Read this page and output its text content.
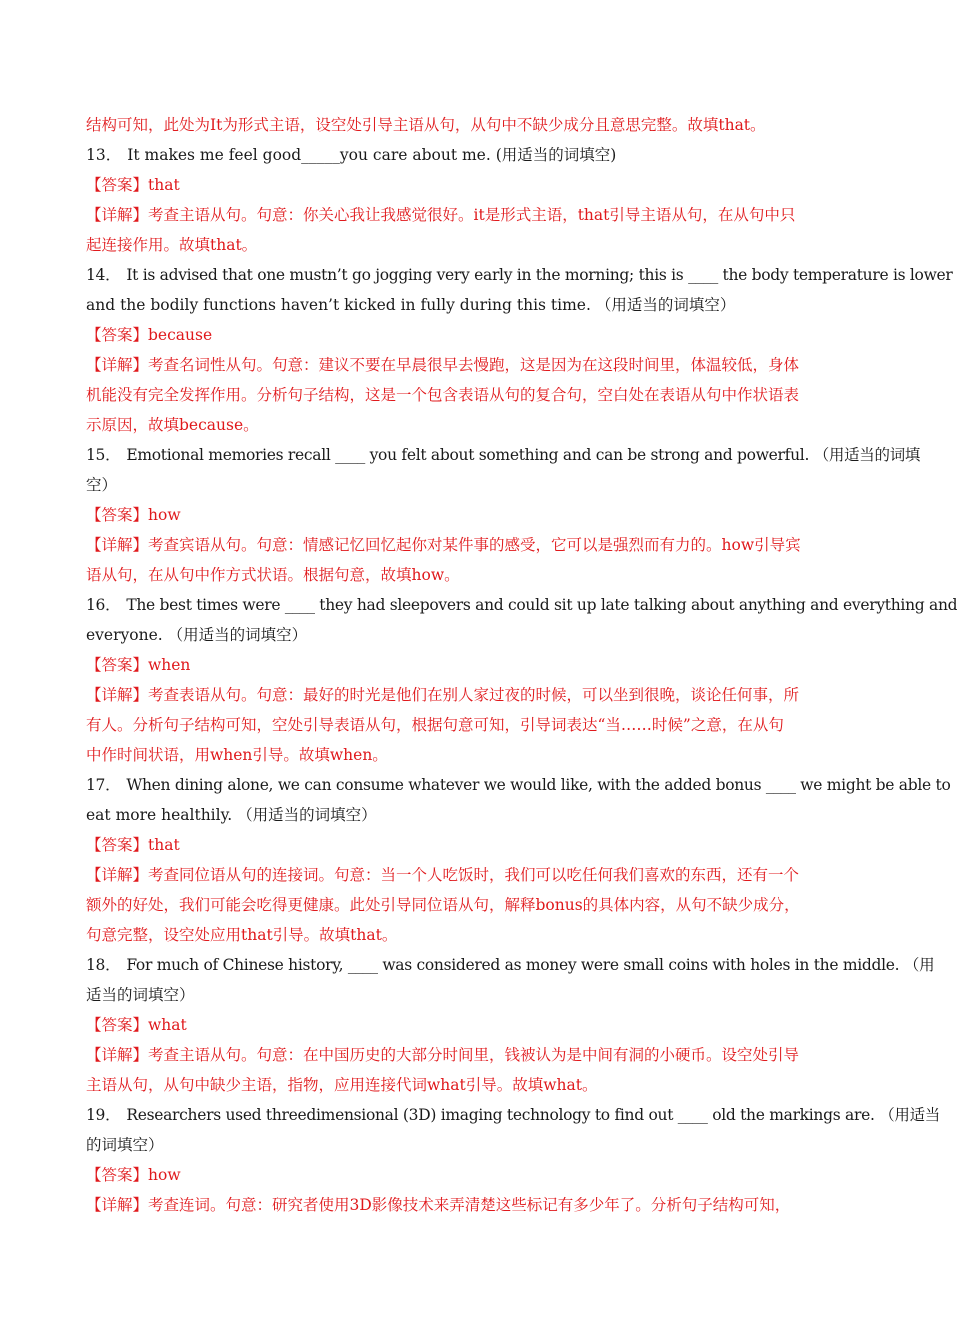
结构可知，此处为It为形式主语，设空处引导主语从句，从句中不缺少成分且意思完整。故填that。
13． It makes me feel good_____you care about me. (用适当的词填空)
【答案】that
【详解】考查主语从句。句意：你关心我让我感觉很好。it是形式主语，that引导主语从句，在从句中只
起连接作用。故填that。
14． It is advised that one mustn’t go jogging very early in the morning; this is ____ the body temperature is lower
and the bodily functions haven’t kicked in fully during this time. （用适当的词填空）
【答案】because
【详解】考查名词性从句。句意：建议不要在早晨很早去慢跑，这是因为在这段时间里，体温较低，身体
机能没有完全发挥作用。分析句子结构，这是一个包含表语从句的复合句，空白处在表语从句中作状语表
示原因，故填because。
15． Emotional memories recall ____ you felt about something and can be strong and powerful. （用适当的词填
空）
【答案】how
【详解】考查宾语从句。句意：情感记忆回忆起你对某件事的感受，它可以是强烈而有力的。how引导宾
语从句，在从句中作方式状语。根据句意，故填how。
16． The best times were ____ they had sleepovers and could sit up late talking about anything and everything and
everyone. （用适当的词填空）
【答案】when
【详解】考查表语从句。句意：最好的时光是他们在别人家过夜的时候，可以坐到很晚，谈论任何事，所
有人。分析句子结构可知，空处引导表语从句，根据句意可知，引导词表达“当……时候”之意，在从句
中作时间状语，用when引导。故填when。
17． When dining alone, we can consume whatever we would like, with the added bonus ____ we might be able to
eat more healthily. （用适当的词填空）
【答案】that
【详解】考查同位语从句的连接词。句意：当一个人吃饭时，我们可以吃任何我们喜欢的东西，还有一个
额外的好处，我们可能会吃得更健康。此处引导同位语从句，解释bonus的具体内容，从句不缺少成分，
句意完整，设空处应用that引导。故填that。
18． For much of Chinese history, ____ was considered as money were small coins with holes in the middle. （用
适当的词填空）
【答案】what
【详解】考查主语从句。句意：在中国历史的大部分时间里，钱被认为是中间有洞的小硬币。设空处引导
主语从句，从句中缺少主语，指物，应用连接代词what引导。故填what。
19． Researchers used threedimensional (3D) imaging technology to find out ____ old the markings are. （用适当
的词填空）
【答案】how
【详解】考查连词。句意：研究者使用3D影像技术来弄清楚这些标记有多少年了。分析句子结构可知，
